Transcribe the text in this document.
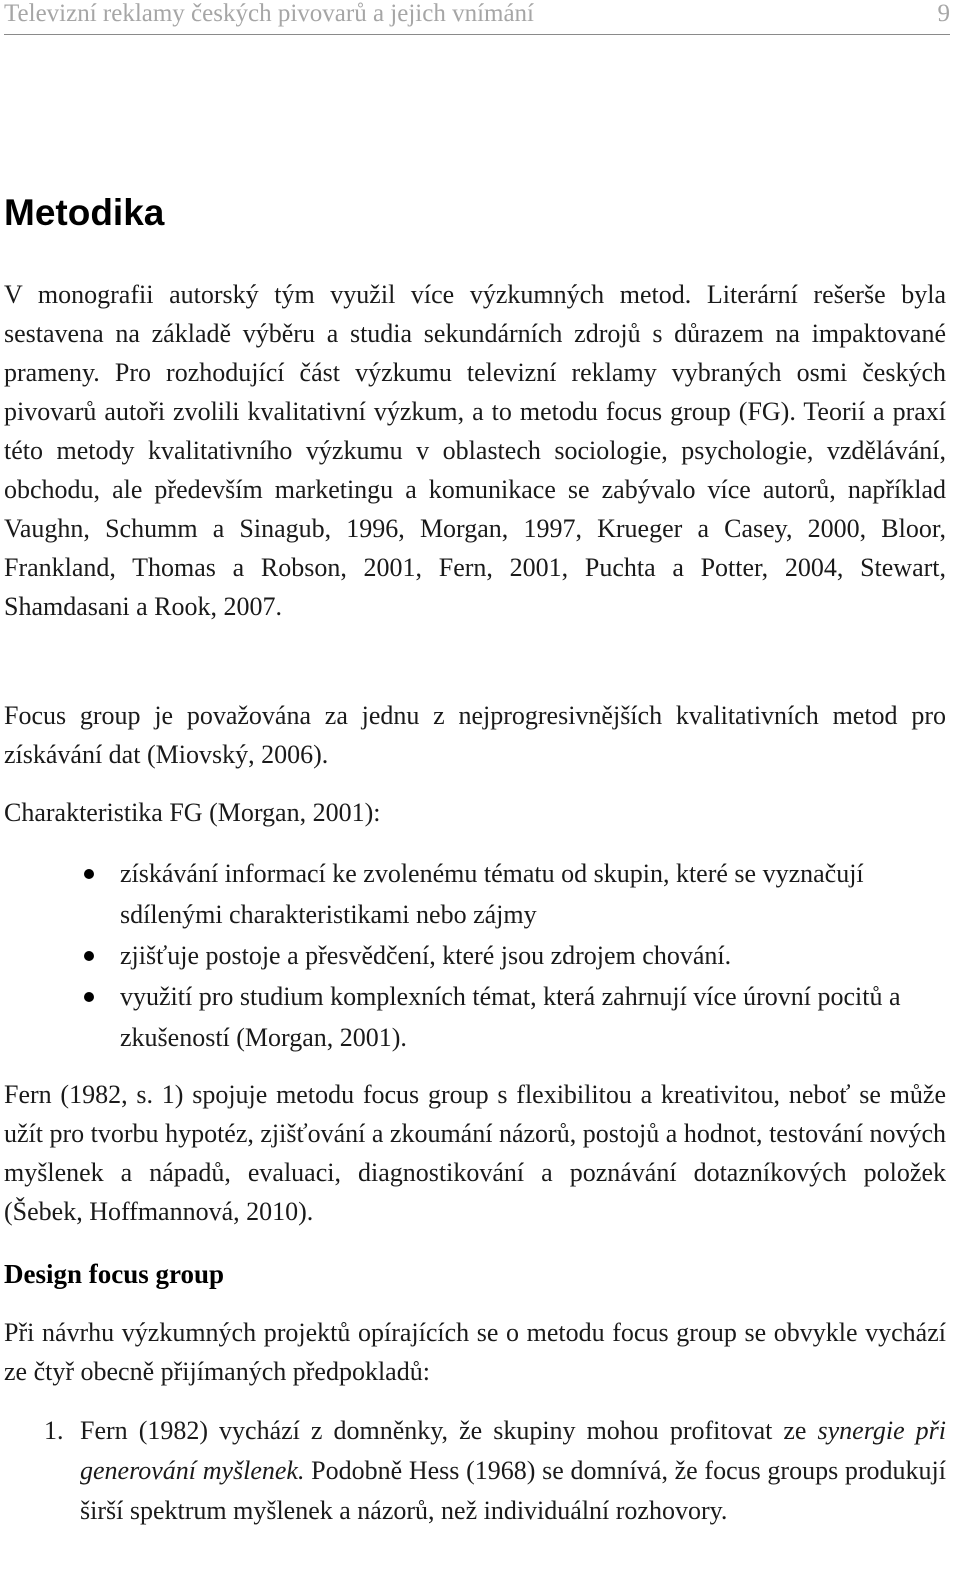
Televizní reklamy českých pivovarů a jejich vnímání	9
Metodika

V monografii autorský tým využil více výzkumných metod. Literární rešerše byla sestavena na základě výběru a studia sekundárních zdrojů s důrazem na impaktované prameny. Pro rozhodující část výzkumu televizní reklamy vybraných osmi českých pivovarů autoři zvolili kvalitativní výzkum, a to metodu focus group (FG). Teorií a praxí této metody kvalitativního výzkumu v oblastech sociologie, psychologie, vzdělávání, obchodu, ale především marketingu a komunikace se zabývalo více autorů, například Vaughn, Schumm a Sinagub, 1996, Morgan, 1997, Krueger a Casey, 2000, Bloor, Frankland, Thomas a Robson, 2001, Fern, 2001, Puchta a Potter, 2004, Stewart, Shamdasani a Rook, 2007.

Focus group je považována za jednu z nejprogresivnějších kvalitativních metod pro získávání dat (Miovský, 2006).

Charakteristika FG (Morgan, 2001):

získávání informací ke zvolenému tématu od skupin, které se vyznačují sdílenými charakteristikami nebo zájmy
zjišťuje postoje a přesvědčení, které jsou zdrojem chování.
využití pro studium komplexních témat, která zahrnují více úrovní pocitů a zkušeností (Morgan, 2001).

Fern (1982, s. 1) spojuje metodu focus group s flexibilitou a kreativitou, neboť se může užít pro tvorbu hypotéz, zjišťování a zkoumání názorů, postojů a hodnot, testování nových myšlenek a nápadů, evaluaci, diagnostikování a poznávání dotazníkových položek (Šebek, Hoffmannová, 2010).

Design focus group

Při návrhu výzkumných projektů opírajících se o metodu focus group se obvykle vychází ze čtyř obecně přijímaných předpokladů:

1. Fern (1982) vychází z domněnky, že skupiny mohou profitovat ze synergie při generování myšlenek. Podobně Hess (1968) se domnívá, že focus groups produkují širší spektrum myšlenek a názorů, než individuální rozhovory.
